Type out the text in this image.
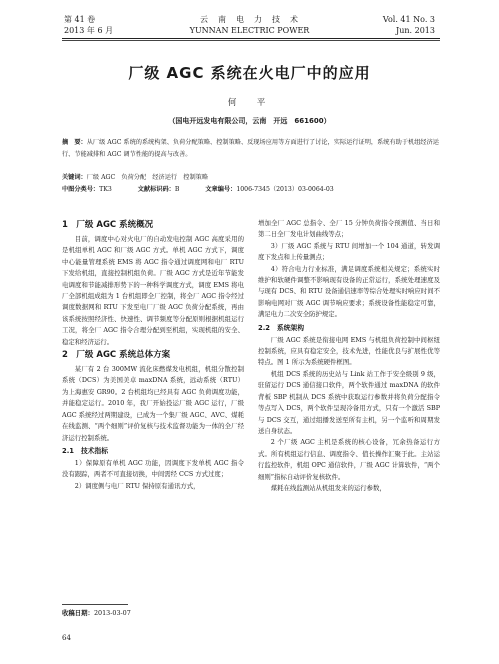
第 41 卷
2013 年 6 月
云　南　电　力　技　术
YUNNAN ELECTRIC POWER
Vol. 41 No. 3
Jun. 2013
厂级 AGC 系统在火电厂中的应用
何　平
（国电开远发电有限公司，云南　开远　661600）
摘　要：从厂级 AGC 系统的系统构架、负荷分配策略、控制策略、反现场应用等方面进行了讨论，实际运行证明，系统有助于机组经济运行、节能减排和 AGC 调节性能的提高与改善。
关键词：厂级 AGC　负荷分配　经济运行　控制策略
中图分类号：TK3	文献标识码：B	文章编号：1006-7345（2013）03-0064-03
1　厂级 AGC 系统概况

目前，调度中心对火电厂的自动发电控制 AGC 高度采用的是机组单机 AGC 和厂级 AGC 方式。单机 AGC 方式下，调度中心能量管理系统 EMS 将 AGC 指令通过调度网和电厂 RTU 下发给机组，直接控制机组负荷。厂级 AGC 方式是近年节能发电调度和节能减排形势下的一种科学调度方式，调度 EMS 将电厂全部机组成组为 1 台机组即全厂控制，将全厂 AGC 指令经过调度数据网和 RTU 下发至电厂厂级 AGC 负荷分配系统，再由该系统按照经济性、快速性、调节频度等分配原则根据机组运行工况，将全厂 AGC 指令合理分配到至机组，实现机组的安全、稳定和经济运行。

2　厂级 AGC 系统总体方案

某厂有 2 台 300MW 流化床燃煤发电机组，机组分散控制系统（DCS）为美国美卓 maxDNA 系统，远动系统（RTU）为上海惠安 GR90。2 台机组均已经具有 AGC 负荷调度功能，并能稳定运行。2010 年，我厂开始投运厂级 AGC 运行，厂级 AGC 系统经过两期建设，已成为一个集厂级 AGC、AVC、煤耗在线监测、“两个细则”评价复核与技术监督功能为一体的全厂经济运行控制系统。

2.1　技术指标

1）保障原有单机 AGC 功能，因调度下发单机 AGC 指令没有跟踪，两者不可直接切换，中间需经 CCS 方式过度；

2）调度侧与电厂 RTU 保持原有通讯方式，

增加全厂 AGC 总指令、全厂 15 分钟负荷指令预测值、当日和第二日全厂发电计划曲线等点；

3）厂级 AGC 系统与 RTU 间增加一个 104 通道，转发调度下发点和上传量测点；

4）符合电力行业标准，满足调度系统相关规定；系统实时维护和软硬件调整不影响现有设备的正常运行，系统处理速度及与现有 DCS、和 RTU 设备通信速率等综合处理实时响应时间不影响电网对厂级 AGC 调节响应要求；系统设备性能稳定可靠，满足电力二次安全防护规定。

2.2　系统架构

厂级 AGC 系统是衔接电网 EMS 与机组负荷控制中间枢纽控制系统，应具有稳定安全，技术先进，性能优良与扩展性优等特点。图 1 所示为系统硬件框图。

机组 DCS 系统的历史站与 Link 站工作于安全级别 9 级，驻留运行 DCS 通信接口软件，两个软件通过 maxDNA 的软件背板 SBP 机制从 DCS 系统中获取运行参数并将负荷分配指令等点写入 DCS，两个软件呈现冷备用方式，只有一个激活 SBP 与 DCS 交互，通过组播发送至所有主机，另一个监听和周期发送自身状态。

2 个厂级 AGC 主机是系统的核心设备，冗余热备运行方式。所有机组运行信息、调度指令、值长操作汇聚于此。主站运行监控软件，机组 OPC 通信软件，厂级 AGC 计算软件，“两个细则”指标自动评价复核软件。

煤耗在线监测站从机组发来的运行参数，

收稿日期：2013-03-07
64
